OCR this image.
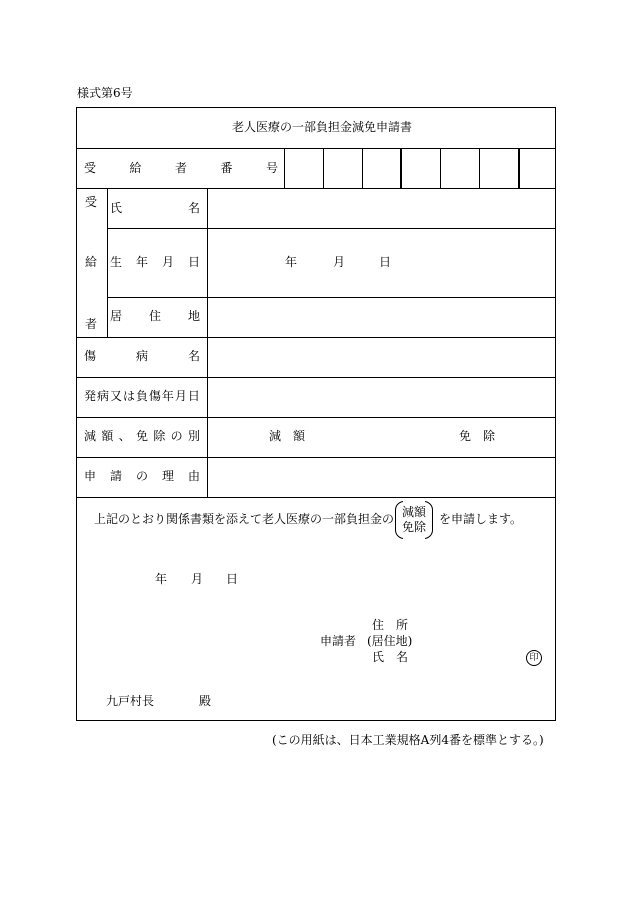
様式第6号
老人医療の一部負担金減免申請書
受	給	者	番	号
受
給
者
氏	名
生 年 月 日	年	月	日
居 住 地
傷	病	名
発 病 又 は 負 傷 年 月 日
減 額 、 免 除 の 別	減　額	免　除
申 請 の 理 由
上記のとおり関係書類を添えて老人医療の一部負担金の 減額
免除
を申請します。
年 月 日
住　所
申請者 (居住地)
氏　名	印
九戸村長	殿
(この用紙は、日本工業規格A列4番を標準とする。)
